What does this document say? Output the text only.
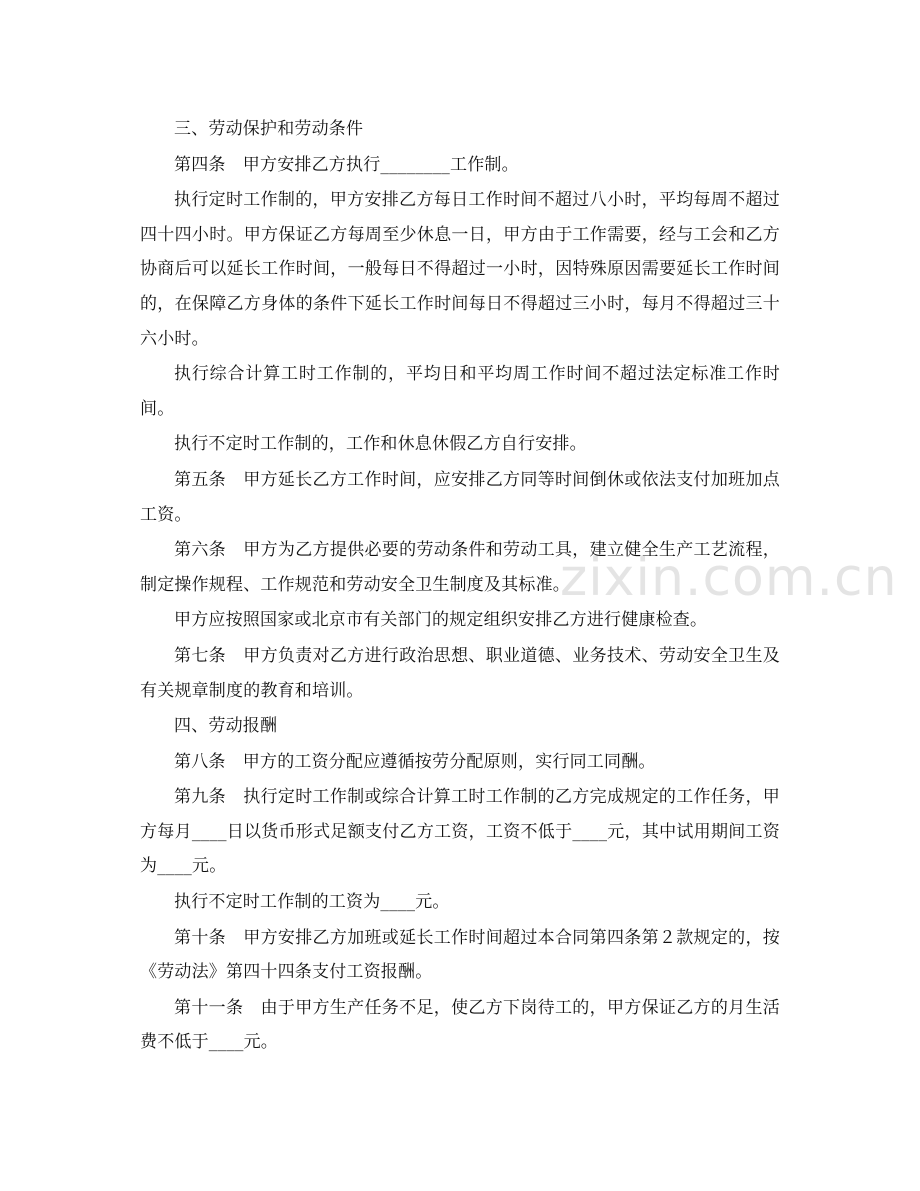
zixin.com.cn

三、劳动保护和劳动条件

第四条　甲方安排乙方执行________工作制。

执行定时工作制的，甲方安排乙方每日工作时间不超过八小时，平均每周不超过四十四小时。甲方保证乙方每周至少休息一日，甲方由于工作需要，经与工会和乙方协商后可以延长工作时间，一般每日不得超过一小时，因特殊原因需要延长工作时间的，在保障乙方身体的条件下延长工作时间每日不得超过三小时，每月不得超过三十六小时。

执行综合计算工时工作制的，平均日和平均周工作时间不超过法定标准工作时间。

执行不定时工作制的，工作和休息休假乙方自行安排。

第五条　甲方延长乙方工作时间，应安排乙方同等时间倒休或依法支付加班加点工资。

第六条　甲方为乙方提供必要的劳动条件和劳动工具，建立健全生产工艺流程，制定操作规程、工作规范和劳动安全卫生制度及其标准。

甲方应按照国家或北京市有关部门的规定组织安排乙方进行健康检查。

第七条　甲方负责对乙方进行政治思想、职业道德、业务技术、劳动安全卫生及有关规章制度的教育和培训。

四、劳动报酬

第八条　甲方的工资分配应遵循按劳分配原则，实行同工同酬。

第九条　执行定时工作制或综合计算工时工作制的乙方完成规定的工作任务，甲方每月____日以货币形式足额支付乙方工资，工资不低于____元，其中试用期间工资为____元。

执行不定时工作制的工资为____元。

第十条　甲方安排乙方加班或延长工作时间超过本合同第四条第２款规定的，按《劳动法》第四十四条支付工资报酬。

第十一条　由于甲方生产任务不足，使乙方下岗待工的，甲方保证乙方的月生活费不低于____元。
